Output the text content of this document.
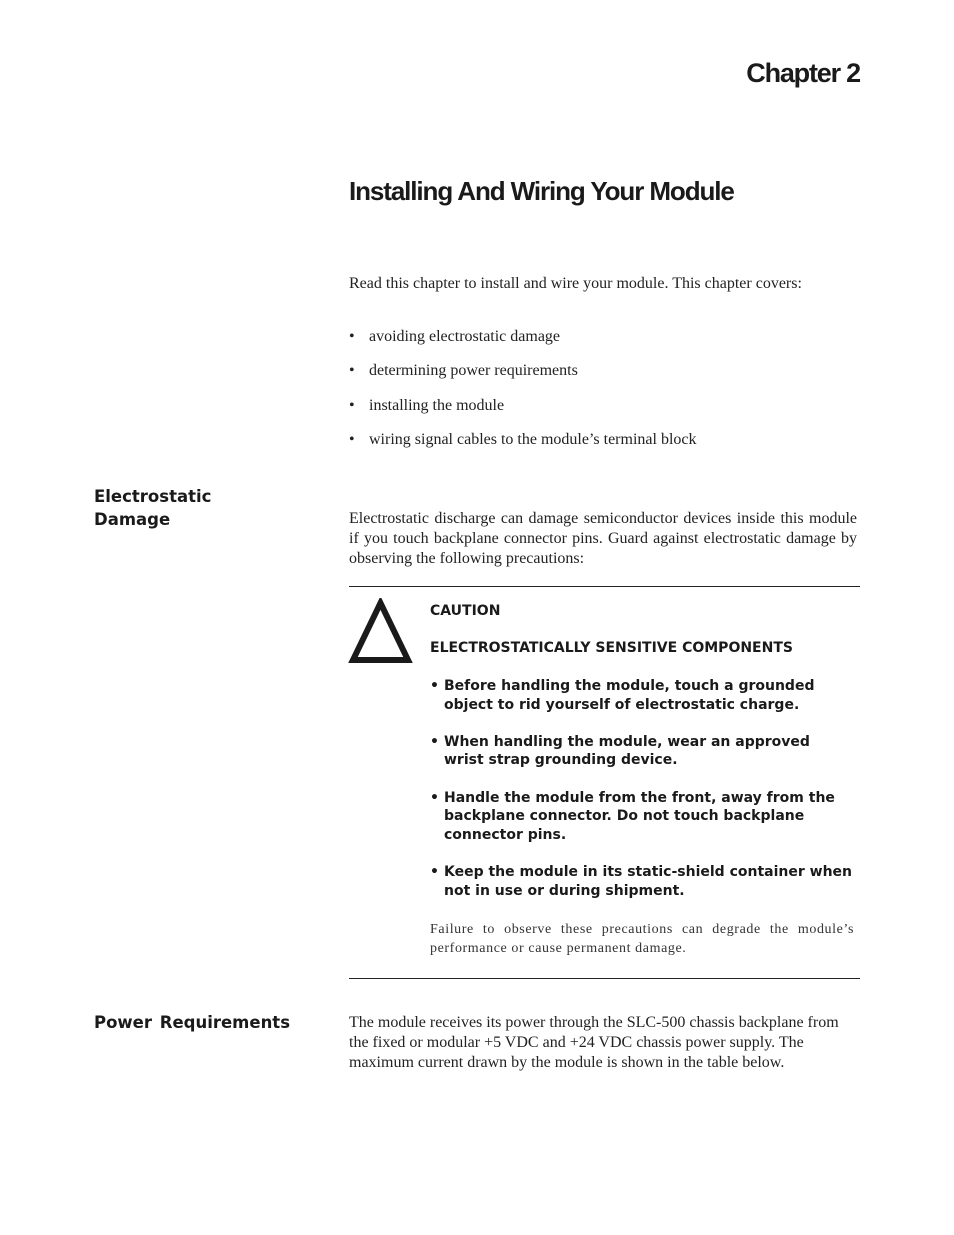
Chapter 2
Installing And Wiring Your Module
Read this chapter to install and wire your module. This chapter covers:
• avoiding electrostatic damage
• determining power requirements
• installing the module
• wiring signal cables to the module’s terminal block
Electrostatic
Damage	Electrostatic discharge can damage semiconductor devices inside this module if you touch backplane connector pins. Guard against electrostatic damage by observing the following precautions:
CAUTION
ELECTROSTATICALLY SENSITIVE COMPONENTS
• Before handling the module, touch a grounded object to rid yourself of electrostatic charge.
• When handling the module, wear an approved wrist strap grounding device.
• Handle the module from the front, away from the backplane connector. Do not touch backplane connector pins.
• Keep the module in its static-shield container when not in use or during shipment.
Failure to observe these precautions can degrade the module’s performance or cause permanent damage.
Power Requirements	The module receives its power through the SLC-500 chassis backplane from the fixed or modular +5 VDC and +24 VDC chassis power supply. The maximum current drawn by the module is shown in the table below.
